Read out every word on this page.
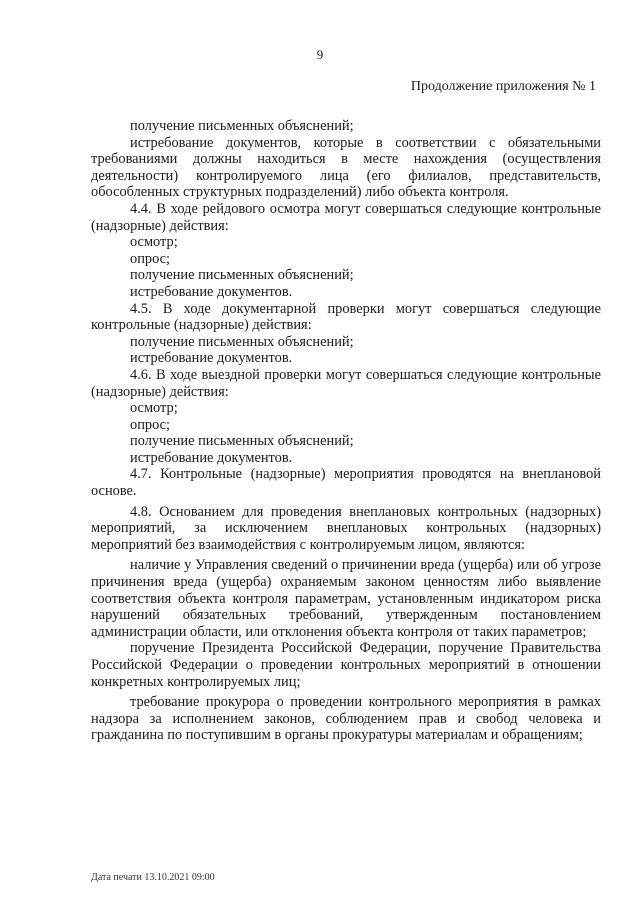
9
Продолжение приложения № 1

получение письменных объяснений;

истребование документов, которые в соответствии с обязательными требованиями должны находиться в месте нахождения (осуществления деятельности) контролируемого лица (его филиалов, представительств, обособленных структурных подразделений) либо объекта контроля.

4.4. В ходе рейдового осмотра могут совершаться следующие контрольные (надзорные) действия:

осмотр;

опрос;

получение письменных объяснений;

истребование документов.

4.5. В ходе документарной проверки могут совершаться следующие контрольные (надзорные) действия:

получение письменных объяснений;

истребование документов.

4.6. В ходе выездной проверки могут совершаться следующие контрольные (надзорные) действия:

осмотр;

опрос;

получение письменных объяснений;

истребование документов.

4.7. Контрольные (надзорные) мероприятия проводятся на внеплановой основе.

4.8. Основанием для проведения внеплановых контрольных (надзорных) мероприятий, за исключением внеплановых контрольных (надзорных) мероприятий без взаимодействия с контролируемым лицом, являются:

наличие у Управления сведений о причинении вреда (ущерба) или об угрозе причинения вреда (ущерба) охраняемым законом ценностям либо выявление соответствия объекта контроля параметрам, установленным индикатором риска нарушений обязательных требований, утвержденным постановлением администрации области, или отклонения объекта контроля от таких параметров;

поручение Президента Российской Федерации, поручение Правительства Российской Федерации о проведении контрольных мероприятий в отношении конкретных контролируемых лиц;

требование прокурора о проведении контрольного мероприятия в рамках надзора за исполнением законов, соблюдением прав и свобод человека и гражданина по поступившим в органы прокуратуры материалам и обращениям;

Дата печати 13.10.2021 09:00
